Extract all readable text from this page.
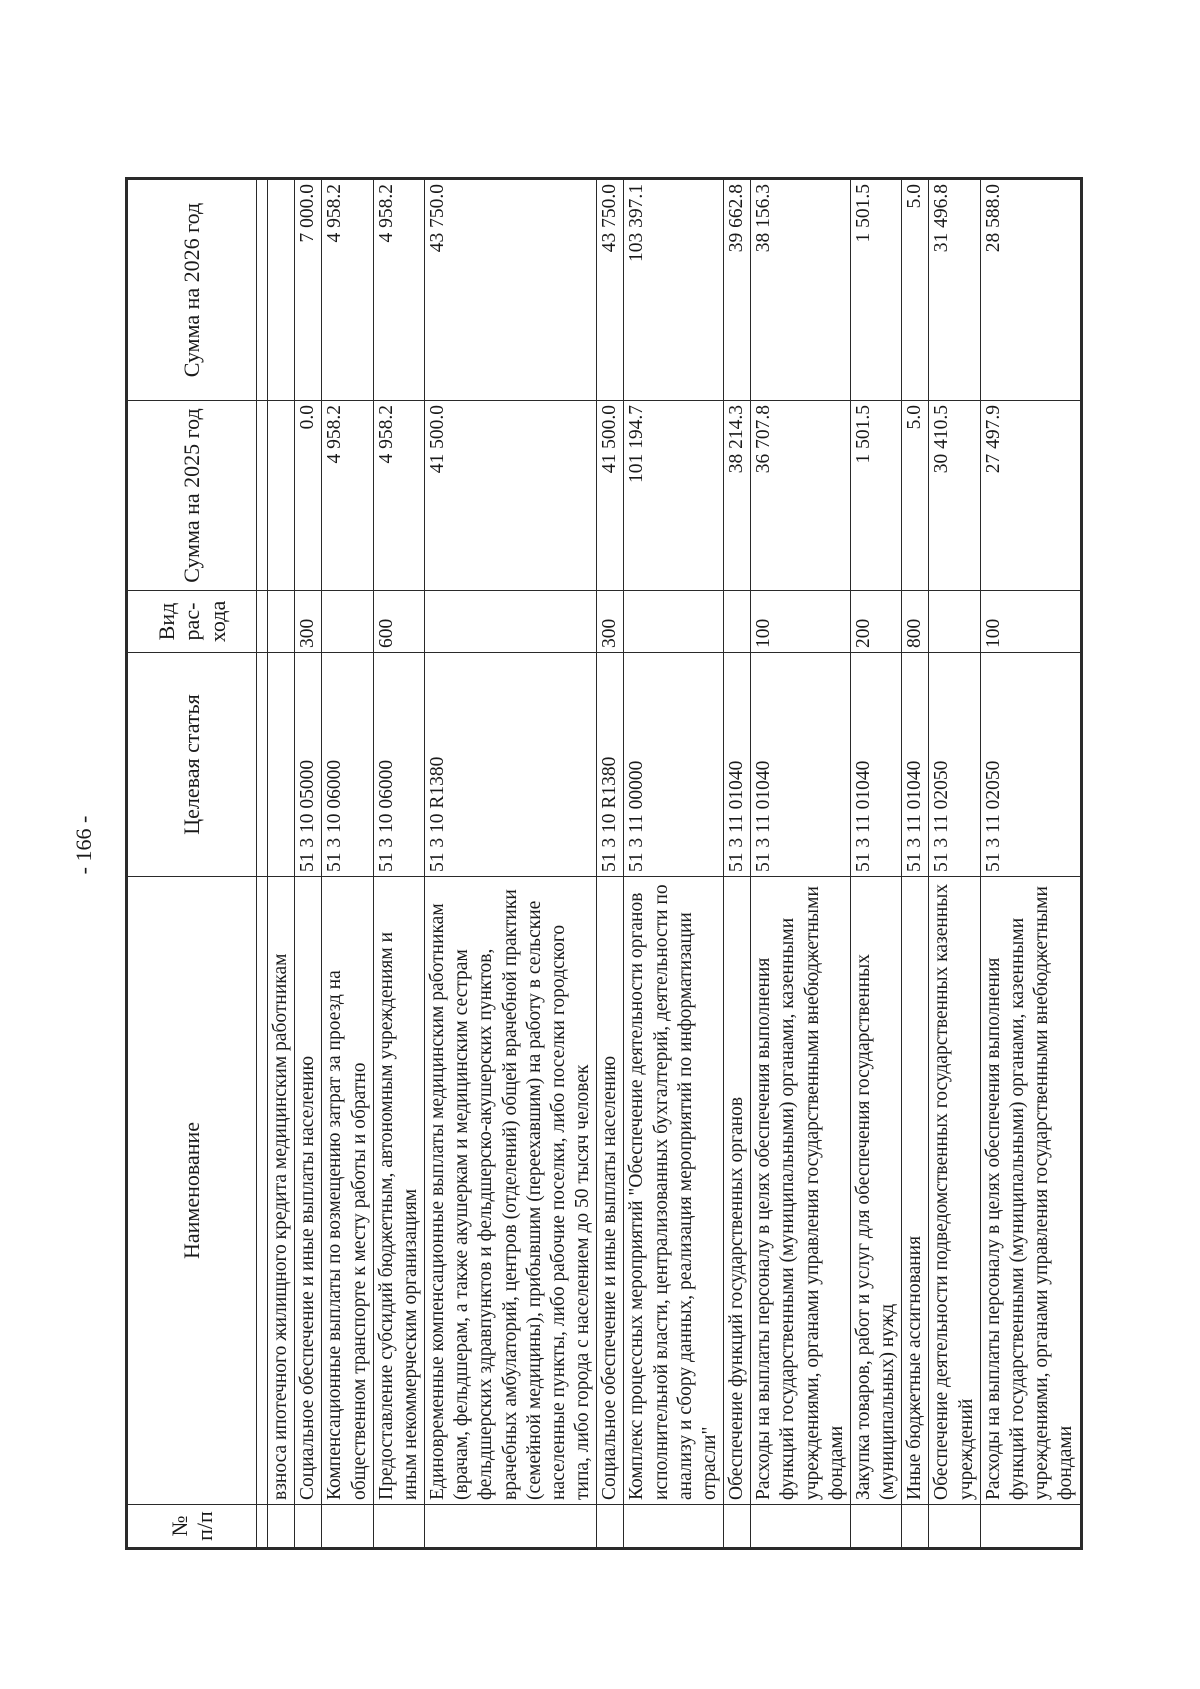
- 166 -
№ п/п	Наименование	Целевая статья	Вид рас- хода	Сумма на 2025 год	Сумма на 2026 год

	взноса ипотечного жилищного кредита медицинским работникам				
	Социальное обеспечение и иные выплаты населению	51 3 10 05000	300	0.0	7 000.0
	Компенсационные выплаты по возмещению затрат за проезд на общественном транспорте к месту работы и обратно	51 3 10 06000		4 958.2	4 958.2
	Предоставление субсидий бюджетным, автономным учреждениям и иным некоммерческим организациям	51 3 10 06000	600	4 958.2	4 958.2
	Единовременные компенсационные выплаты медицинским работникам (врачам, фельдшерам, а также акушеркам и медицинским сестрам фельдшерских здравпунктов и фельдшерско-акушерских пунктов, врачебных амбулаторий, центров (отделений) общей врачебной практики (семейной медицины), прибывшим (переехавшим) на работу в сельские населенные пункты, либо рабочие поселки, либо поселки городского типа, либо города с населением до 50 тысяч человек	51 3 10 R1380		41 500.0	43 750.0
	Социальное обеспечение и иные выплаты населению	51 3 10 R1380	300	41 500.0	43 750.0
	Комплекс процессных мероприятий "Обеспечение деятельности органов исполнительной власти, централизованных бухгалтерий, деятельности по анализу и сбору данных, реализация мероприятий по информатизации отрасли"	51 3 11 00000		101 194.7	103 397.1
	Обеспечение функций государственных органов	51 3 11 01040		38 214.3	39 662.8
	Расходы на выплаты персоналу в целях обеспечения выполнения функций государственными (муниципальными) органами, казенными учреждениями, органами управления государственными внебюджетными фондами	51 3 11 01040	100	36 707.8	38 156.3
	Закупка товаров, работ и услуг для обеспечения государственных (муниципальных) нужд	51 3 11 01040	200	1 501.5	1 501.5
	Иные бюджетные ассигнования	51 3 11 01040	800	5.0	5.0
	Обеспечение деятельности подведомственных государственных казенных учреждений	51 3 11 02050		30 410.5	31 496.8
	Расходы на выплаты персоналу в целях обеспечения выполнения функций государственными (муниципальными) органами, казенными учреждениями, органами управления государственными внебюджетными фондами	51 3 11 02050	100	27 497.9	28 588.0
